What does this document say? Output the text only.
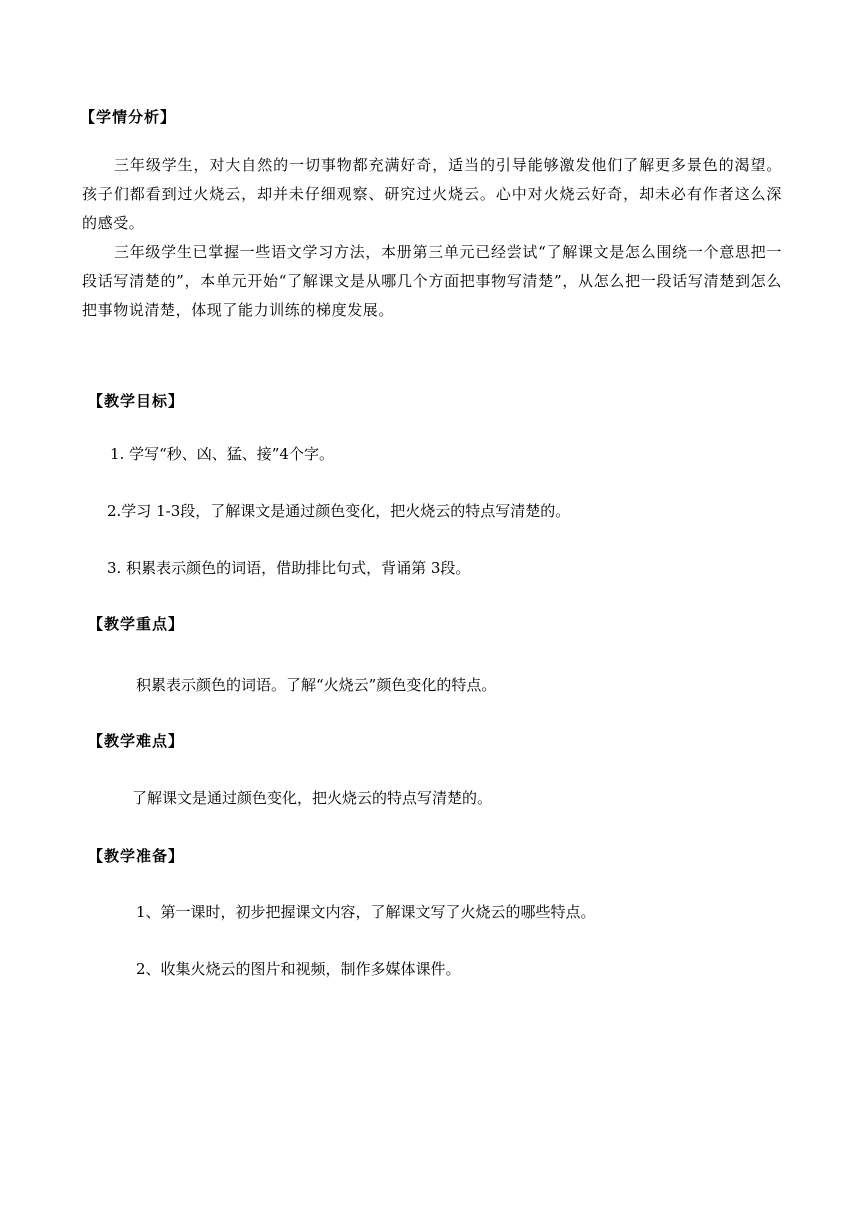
【学情分析】
三年级学生，对大自然的一切事物都充满好奇，适当的引导能够激发他们了解更多景色的渴望。孩子们都看到过火烧云，却并未仔细观察、研究过火烧云。心中对火烧云好奇，却未必有作者这么深的感受。
三年级学生已掌握一些语文学习方法，本册第三单元已经尝试“了解课文是怎么围绕一个意思把一段话写清楚的”，本单元开始“了解课文是从哪几个方面把事物写清楚”，从怎么把一段话写清楚到怎么把事物说清楚，体现了能力训练的梯度发展。
【教学目标】
1. 学写“秒、凶、猛、接”4个字。
2.学习 1-3段，了解课文是通过颜色变化，把火烧云的特点写清楚的。
3. 积累表示颜色的词语，借助排比句式，背诵第 3段。
【教学重点】
积累表示颜色的词语。了解“火烧云”颜色变化的特点。
【教学难点】
了解课文是通过颜色变化，把火烧云的特点写清楚的。
【教学准备】
1、第一课时，初步把握课文内容，了解课文写了火烧云的哪些特点。
2、收集火烧云的图片和视频，制作多媒体课件。
